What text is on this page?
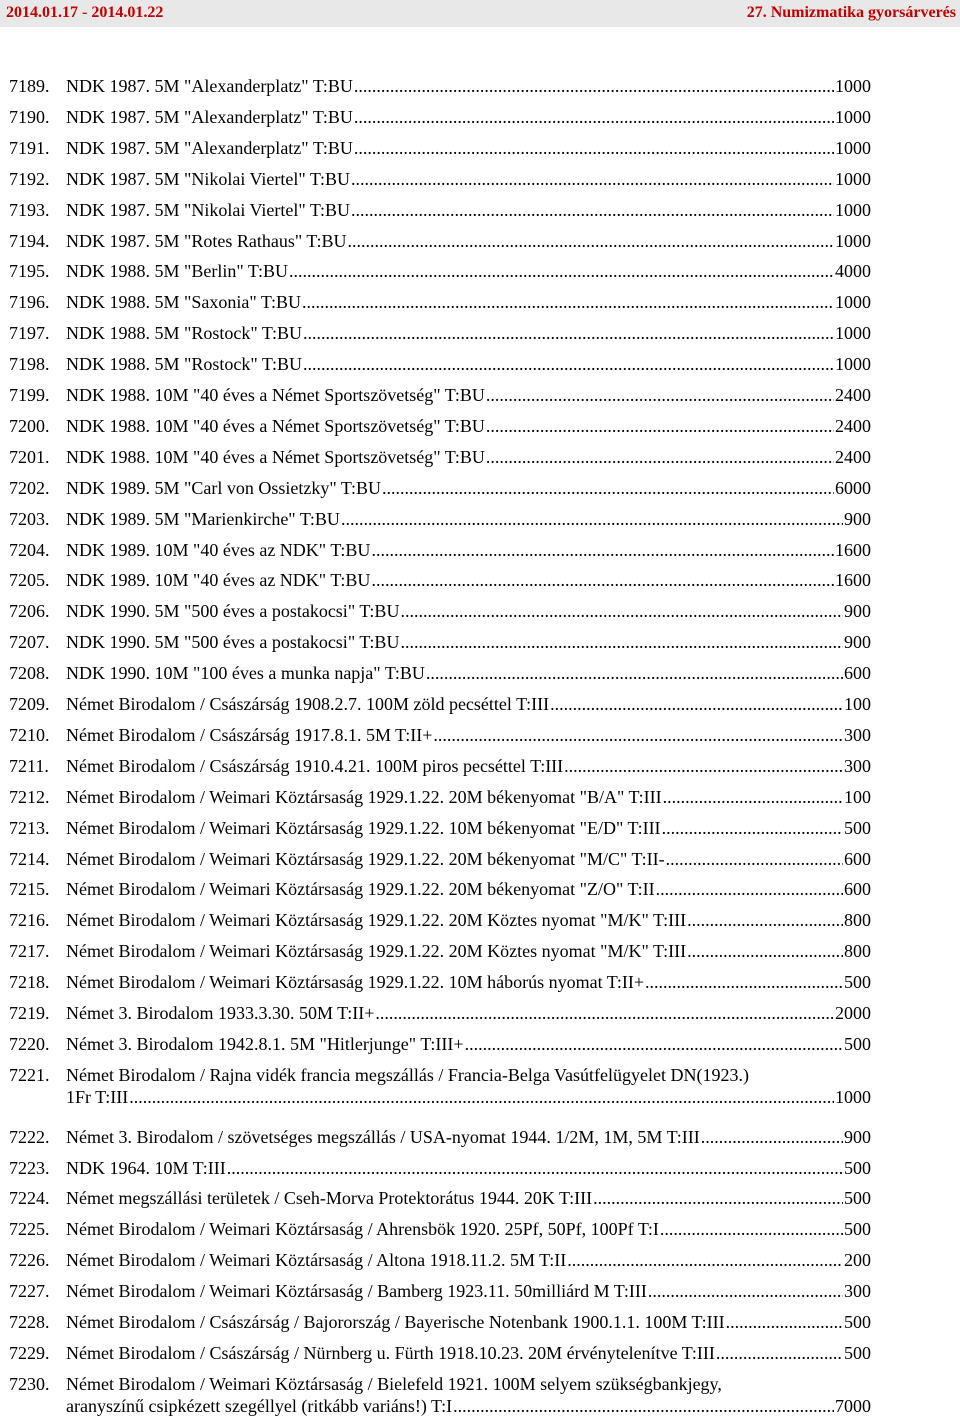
2014.01.17 - 2014.01.22	27. Numizmatika gyorsárverés
7189. NDK 1987. 5M "Alexanderplatz" T:BU .....	1000
7190. NDK 1987. 5M "Alexanderplatz" T:BU .....	1000
7191. NDK 1987. 5M "Alexanderplatz" T:BU .....	1000
7192. NDK 1987. 5M "Nikolai Viertel" T:BU .....	1000
7193. NDK 1987. 5M "Nikolai Viertel" T:BU .....	1000
7194. NDK 1987. 5M "Rotes Rathaus" T:BU .....	1000
7195. NDK 1988. 5M "Berlin" T:BU .....	4000
7196. NDK 1988. 5M "Saxonia" T:BU .....	1000
7197. NDK 1988. 5M "Rostock" T:BU .....	1000
7198. NDK 1988. 5M "Rostock" T:BU .....	1000
7199. NDK 1988. 10M "40 éves a Német Sportszövetség" T:BU .....	2400
7200. NDK 1988. 10M "40 éves a Német Sportszövetség" T:BU .....	2400
7201. NDK 1988. 10M "40 éves a Német Sportszövetség" T:BU .....	2400
7202. NDK 1989. 5M "Carl von Ossietzky" T:BU .....	6000
7203. NDK 1989. 5M "Marienkirche" T:BU .....	900
7204. NDK 1989. 10M "40 éves az NDK" T:BU .....	1600
7205. NDK 1989. 10M "40 éves az NDK" T:BU .....	1600
7206. NDK 1990. 5M "500 éves a postakocsi" T:BU .....	900
7207. NDK 1990. 5M "500 éves a postakocsi" T:BU .....	900
7208. NDK 1990. 10M "100 éves a munka napja" T:BU .....	600
7209. Német Birodalom / Császárság 1908.2.7. 100M zöld pecséttel T:III .....	100
7210. Német Birodalom / Császárság 1917.8.1. 5M T:II+ .....	300
7211. Német Birodalom / Császárság 1910.4.21. 100M piros pecséttel T:III .....	300
7212. Német Birodalom / Weimari Köztársaság 1929.1.22. 20M békenyomat "B/A" T:III .....	100
7213. Német Birodalom / Weimari Köztársaság 1929.1.22. 10M békenyomat "E/D" T:III .....	500
7214. Német Birodalom / Weimari Köztársaság 1929.1.22. 20M békenyomat "M/C" T:II- .....	600
7215. Német Birodalom / Weimari Köztársaság 1929.1.22. 20M békenyomat "Z/O" T:II .....	600
7216. Német Birodalom / Weimari Köztársaság 1929.1.22. 20M Köztes nyomat "M/K" T:III .....	800
7217. Német Birodalom / Weimari Köztársaság 1929.1.22. 20M Köztes nyomat "M/K" T:III .....	800
7218. Német Birodalom / Weimari Köztársaság 1929.1.22. 10M háborús nyomat T:II+ .....	500
7219. Német 3. Birodalom 1933.3.30. 50M T:II+ .....	2000
7220. Német 3. Birodalom 1942.8.1. 5M "Hitlerjunge" T:III+ .....	500
7221. Német Birodalom / Rajna vidék francia megszállás / Francia-Belga Vasútfelügyelet DN(1923.)
1Fr T:III .....	1000
7222. Német 3. Birodalom / szövetséges megszállás / USA-nyomat 1944. 1/2M, 1M, 5M T:III .....	900
7223. NDK 1964. 10M T:III .....	500
7224. Német megszállási területek / Cseh-Morva Protektorátus 1944. 20K T:III .....	500
7225. Német Birodalom / Weimari Köztársaság / Ahrensbök 1920. 25Pf, 50Pf, 100Pf T:I .....	500
7226. Német Birodalom / Weimari Köztársaság / Altona 1918.11.2. 5M T:II .....	200
7227. Német Birodalom / Weimari Köztársaság / Bamberg 1923.11. 50milliárd M T:III .....	300
7228. Német Birodalom / Császárság / Bajorország / Bayerische Notenbank 1900.1.1. 100M T:III .....	500
7229. Német Birodalom / Császárság / Nürnberg u. Fürth 1918.10.23. 20M érvénytelenítve T:III .....	500
7230. Német Birodalom / Weimari Köztársaság / Bielefeld 1921. 100M selyem szükségbankjegy,
aranyszínű csipkézett szegéllyel (ritkább variáns!) T:I .....	7000
